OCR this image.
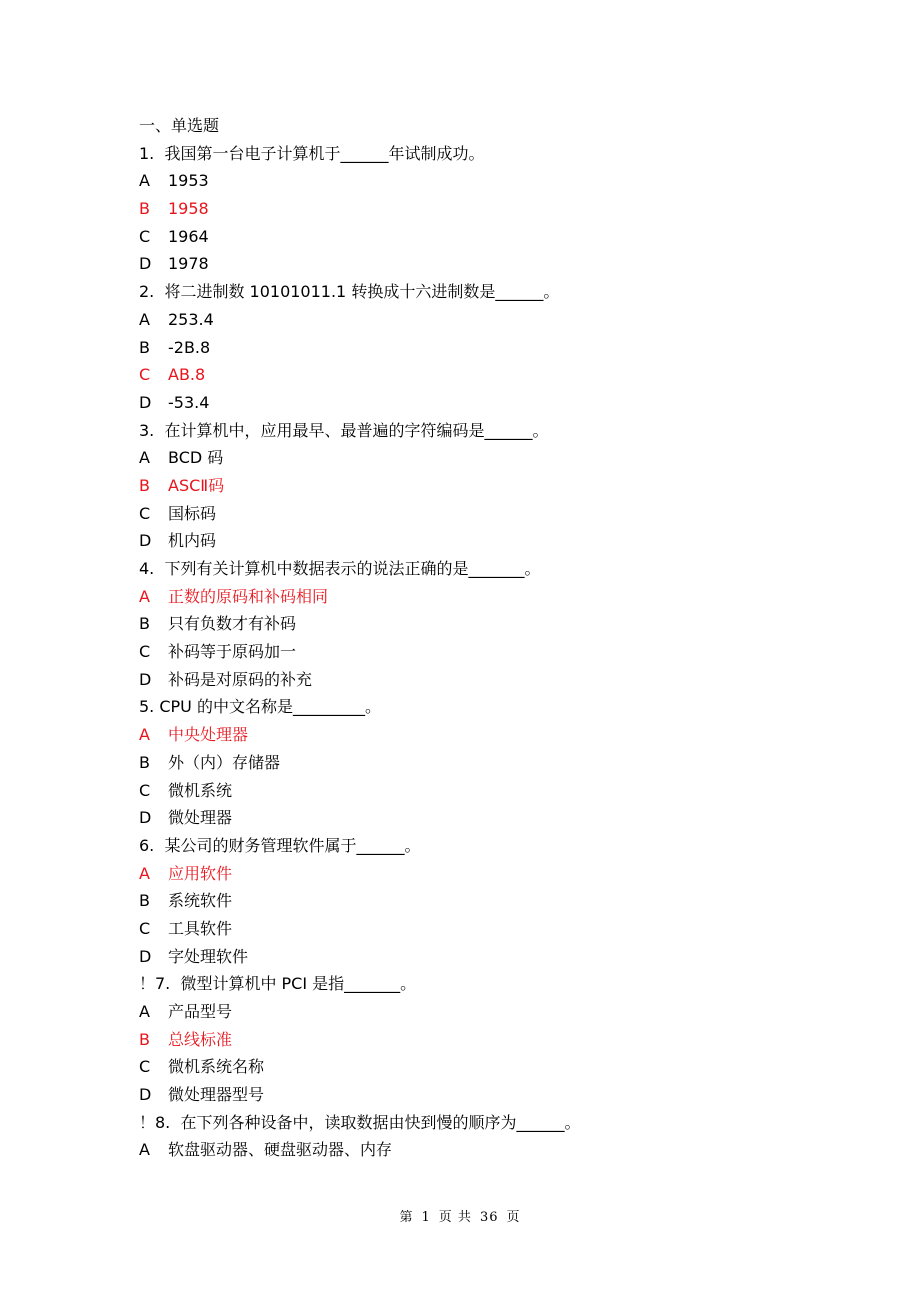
一、单选题
1.  我国第一台电子计算机于______年试制成功。
A 1953
B 1958
C 1964
D 1978
2.  将二进制数 10101011.1 转换成十六进制数是______。
A 253.4
B -2B.8
C AB.8
D -53.4
3.  在计算机中，应用最早、最普遍的字符编码是______。
A BCD 码
B ASCⅡ码
C 国标码
D 机内码
4.  下列有关计算机中数据表示的说法正确的是_______。
A 正数的原码和补码相同
B 只有负数才有补码
C 补码等于原码加一
D 补码是对原码的补充
5. CPU 的中文名称是_________。
A 中央处理器
B 外（内）存储器
C 微机系统
D 微处理器
6.  某公司的财务管理软件属于______。
A 应用软件
B 系统软件
C 工具软件
D 字处理软件
！7.  微型计算机中 PCI 是指_______。
A 产品型号
B 总线标准
C 微机系统名称
D 微处理器型号
！8.  在下列各种设备中，读取数据由快到慢的顺序为______。
A 软盘驱动器、硬盘驱动器、内存
第 1 页 共 36 页
